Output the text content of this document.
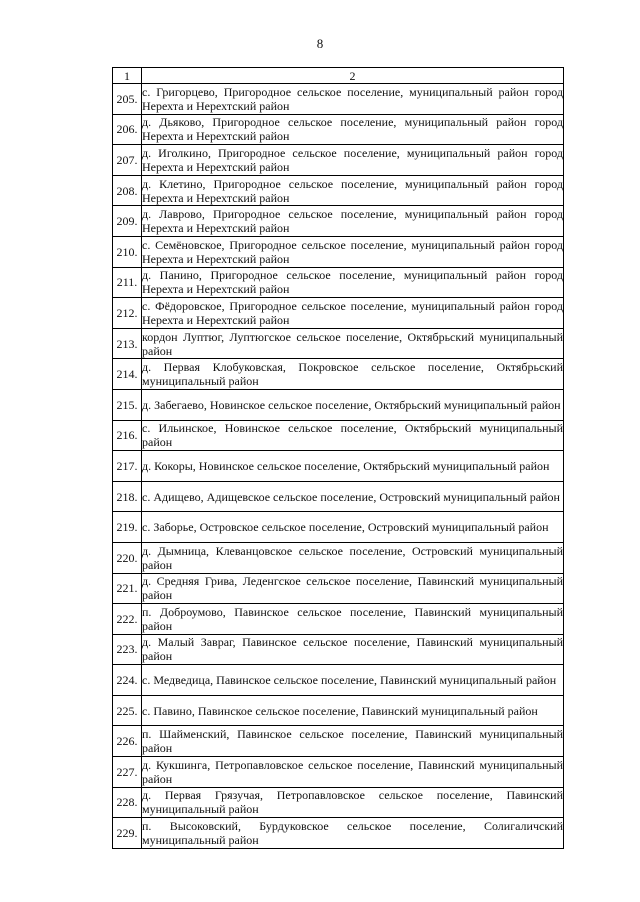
8
1	2
205.	с. Григорцево, Пригородное сельское поселение, муниципальный район город Нерехта и Нерехтский район
206.	д. Дьяково, Пригородное сельское поселение, муниципальный район город Нерехта и Нерехтский район
207.	д. Иголкино, Пригородное сельское поселение, муниципальный район город Нерехта и Нерехтский район
208.	д. Клетино, Пригородное сельское поселение, муниципальный район город Нерехта и Нерехтский район
209.	д. Лаврово, Пригородное сельское поселение, муниципальный район город Нерехта и Нерехтский район
210.	с. Семёновское, Пригородное сельское поселение, муниципальный район город Нерехта и Нерехтский район
211.	д. Панино, Пригородное сельское поселение, муниципальный район город Нерехта и Нерехтский район
212.	с. Фёдоровское, Пригородное сельское поселение, муниципальный район город Нерехта и Нерехтский район
213.	кордон Луптюг, Луптюгское сельское поселение, Октябрьский муниципальный район
214.	д. Первая Клобуковская, Покровское сельское поселение, Октябрьский муниципальный район
215.	д. Забегаево, Новинское сельское поселение, Октябрьский муниципальный район
216.	с. Ильинское, Новинское сельское поселение, Октябрьский муниципальный район
217.	д. Кокоры, Новинское сельское поселение, Октябрьский муниципальный район
218.	с. Адищево, Адищевское сельское поселение, Островский муниципальный район
219.	с. Заборье, Островское сельское поселение, Островский муниципальный район
220.	д. Дымница, Клеванцовское сельское поселение, Островский муниципальный район
221.	д. Средняя Грива, Леденгское сельское поселение, Павинский муниципальный район
222.	п. Доброумово, Павинское сельское поселение, Павинский муниципальный район
223.	д. Малый Завраг, Павинское сельское поселение, Павинский муниципальный район
224.	с. Медведица, Павинское сельское поселение, Павинский муниципальный район
225.	с. Павино, Павинское сельское поселение, Павинский муниципальный район
226.	п. Шайменский, Павинское сельское поселение, Павинский муниципальный район
227.	д. Кукшинга, Петропавловское сельское поселение, Павинский муниципальный район
228.	д. Первая Грязучая, Петропавловское сельское поселение, Павинский муниципальный район
229.	п. Высоковский, Бурдуковское сельское поселение, Солигаличский муниципальный район
